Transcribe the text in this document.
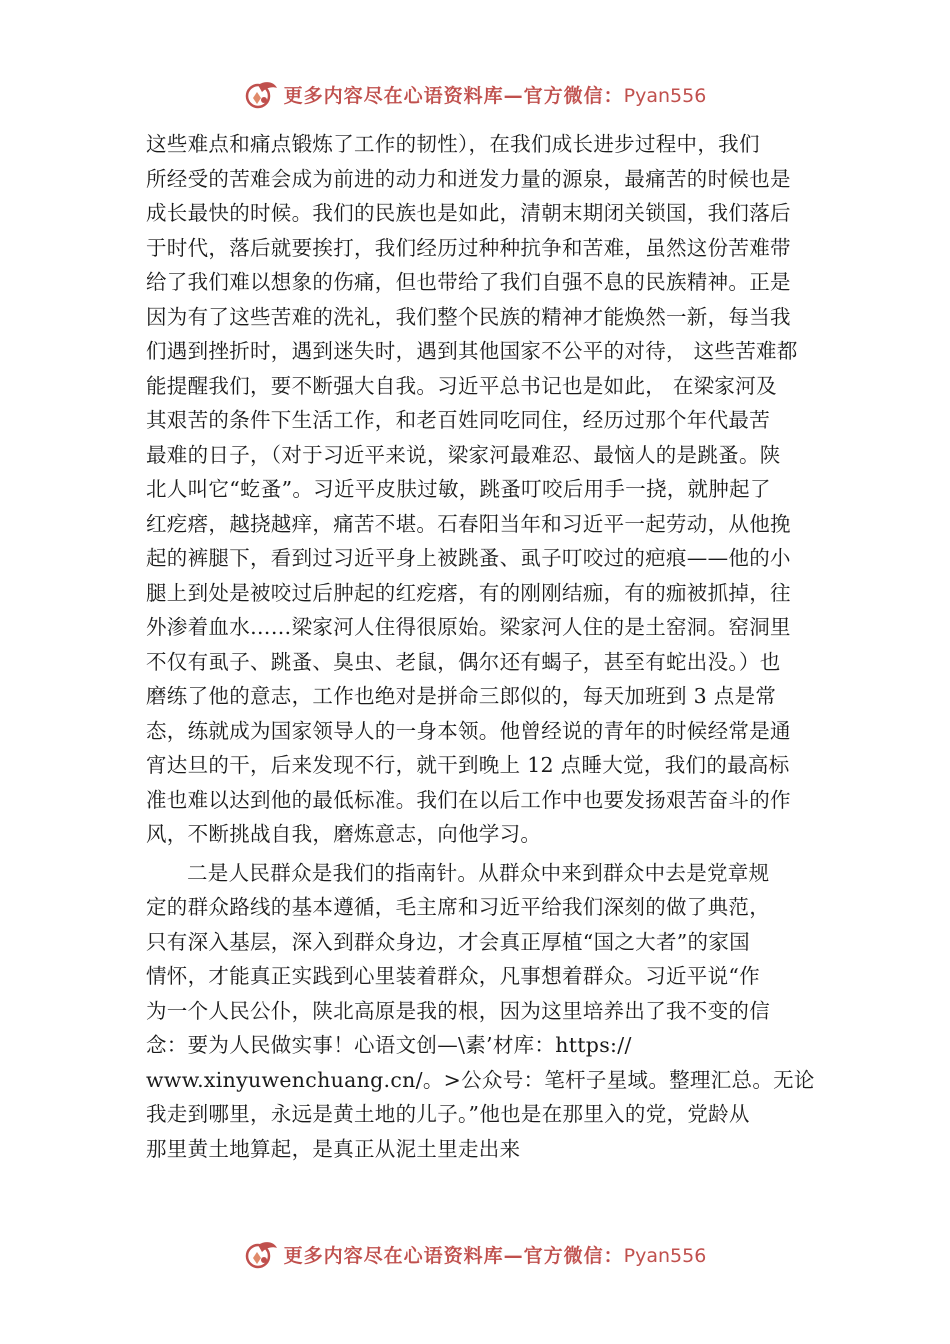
更多内容尽在心语资料库—官方微信：Pyan556
这些难点和痛点锻炼了工作的韧性），在我们成长进步过程中，我们
所经受的苦难会成为前进的动力和迸发力量的源泉，最痛苦的时候也是
成长最快的时候。我们的民族也是如此，清朝末期闭关锁国，我们落后
于时代，落后就要挨打，我们经历过种种抗争和苦难，虽然这份苦难带
给了我们难以想象的伤痛，但也带给了我们自强不息的民族精神。正是
因为有了这些苦难的洗礼，我们整个民族的精神才能焕然一新，每当我
们遇到挫折时，遇到迷失时，遇到其他国家不公平的对待， 这些苦难都
能提醒我们，要不断强大自我。习近平总书记也是如此， 在梁家河及
其艰苦的条件下生活工作，和老百姓同吃同住，经历过那个年代最苦
最难的日子，（对于习近平来说，梁家河最难忍、最恼人的是跳蚤。陕
北人叫它“虼蚤”。习近平皮肤过敏，跳蚤叮咬后用手一挠，就肿起了
红疙瘩，越挠越痒，痛苦不堪。石春阳当年和习近平一起劳动，从他挽
起的裤腿下，看到过习近平身上被跳蚤、虱子叮咬过的疤痕——他的小
腿上到处是被咬过后肿起的红疙瘩，有的刚刚结痂，有的痂被抓掉，往
外渗着血水……梁家河人住得很原始。梁家河人住的是土窑洞。窑洞里
不仅有虱子、跳蚤、臭虫、老鼠，偶尔还有蝎子，甚至有蛇出没。）也
磨练了他的意志，工作也绝对是拼命三郎似的，每天加班到 3 点是常
态，练就成为国家领导人的一身本领。他曾经说的青年的时候经常是通
宵达旦的干，后来发现不行，就干到晚上 12 点睡大觉，我们的最高标
准也难以达到他的最低标准。我们在以后工作中也要发扬艰苦奋斗的作
风，不断挑战自我，磨炼意志，向他学习。
二是人民群众是我们的指南针。从群众中来到群众中去是党章规
定的群众路线的基本遵循，毛主席和习近平给我们深刻的做了典范，
只有深入基层，深入到群众身边，才会真正厚植“国之大者”的家国
情怀，才能真正实践到心里装着群众，凡事想着群众。习近平说“作
为一个人民公仆，陕北高原是我的根，因为这里培养出了我不变的信
念：要为人民做实事！心语文创—\素’材库：https://
www.xinyuwenchuang.cn/。>公众号：笔杆子星域。整理汇总。无论
我走到哪里，永远是黄土地的儿子。”他也是在那里入的党，党龄从
那里黄土地算起，是真正从泥土里走出来
更多内容尽在心语资料库—官方微信：Pyan556
